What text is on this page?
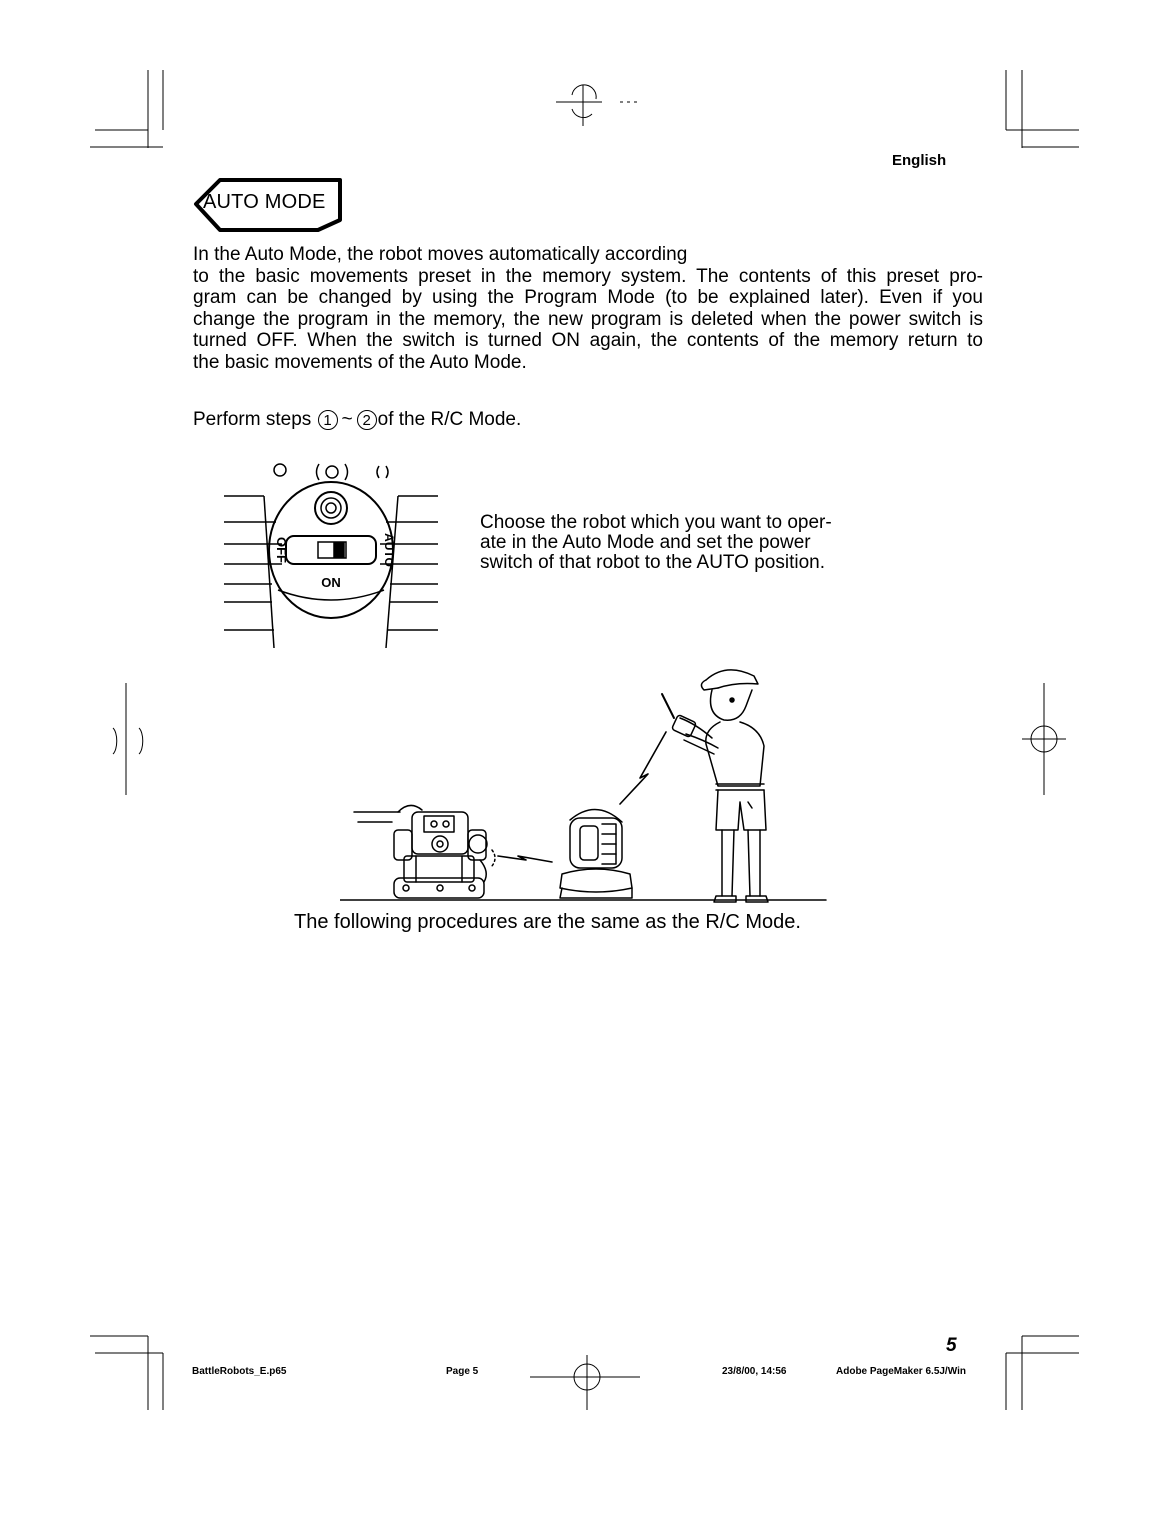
English
AUTO MODE

In the Auto Mode, the robot moves automatically according
to the basic movements preset in the memory system. The contents of this preset pro-
gram can be changed by using the Program Mode (to be explained later). Even if you
change the program in the memory, the new program is deleted when the power switch is
turned OFF. When the switch is turned ON again, the contents of the memory return to
the basic movements of the Auto Mode.

Perform steps
1 ~ 2 of the R/C Mode.
OFF
ON
AUTO

Choose the robot which you want to oper-
ate in the Auto Mode and set the power
switch of that robot to the AUTO position.

The following procedures are the same as the R/C Mode.
5
BattleRobots_E.p65	Page 5	23/8/00, 14:56	Adobe PageMaker 6.5J/Win
